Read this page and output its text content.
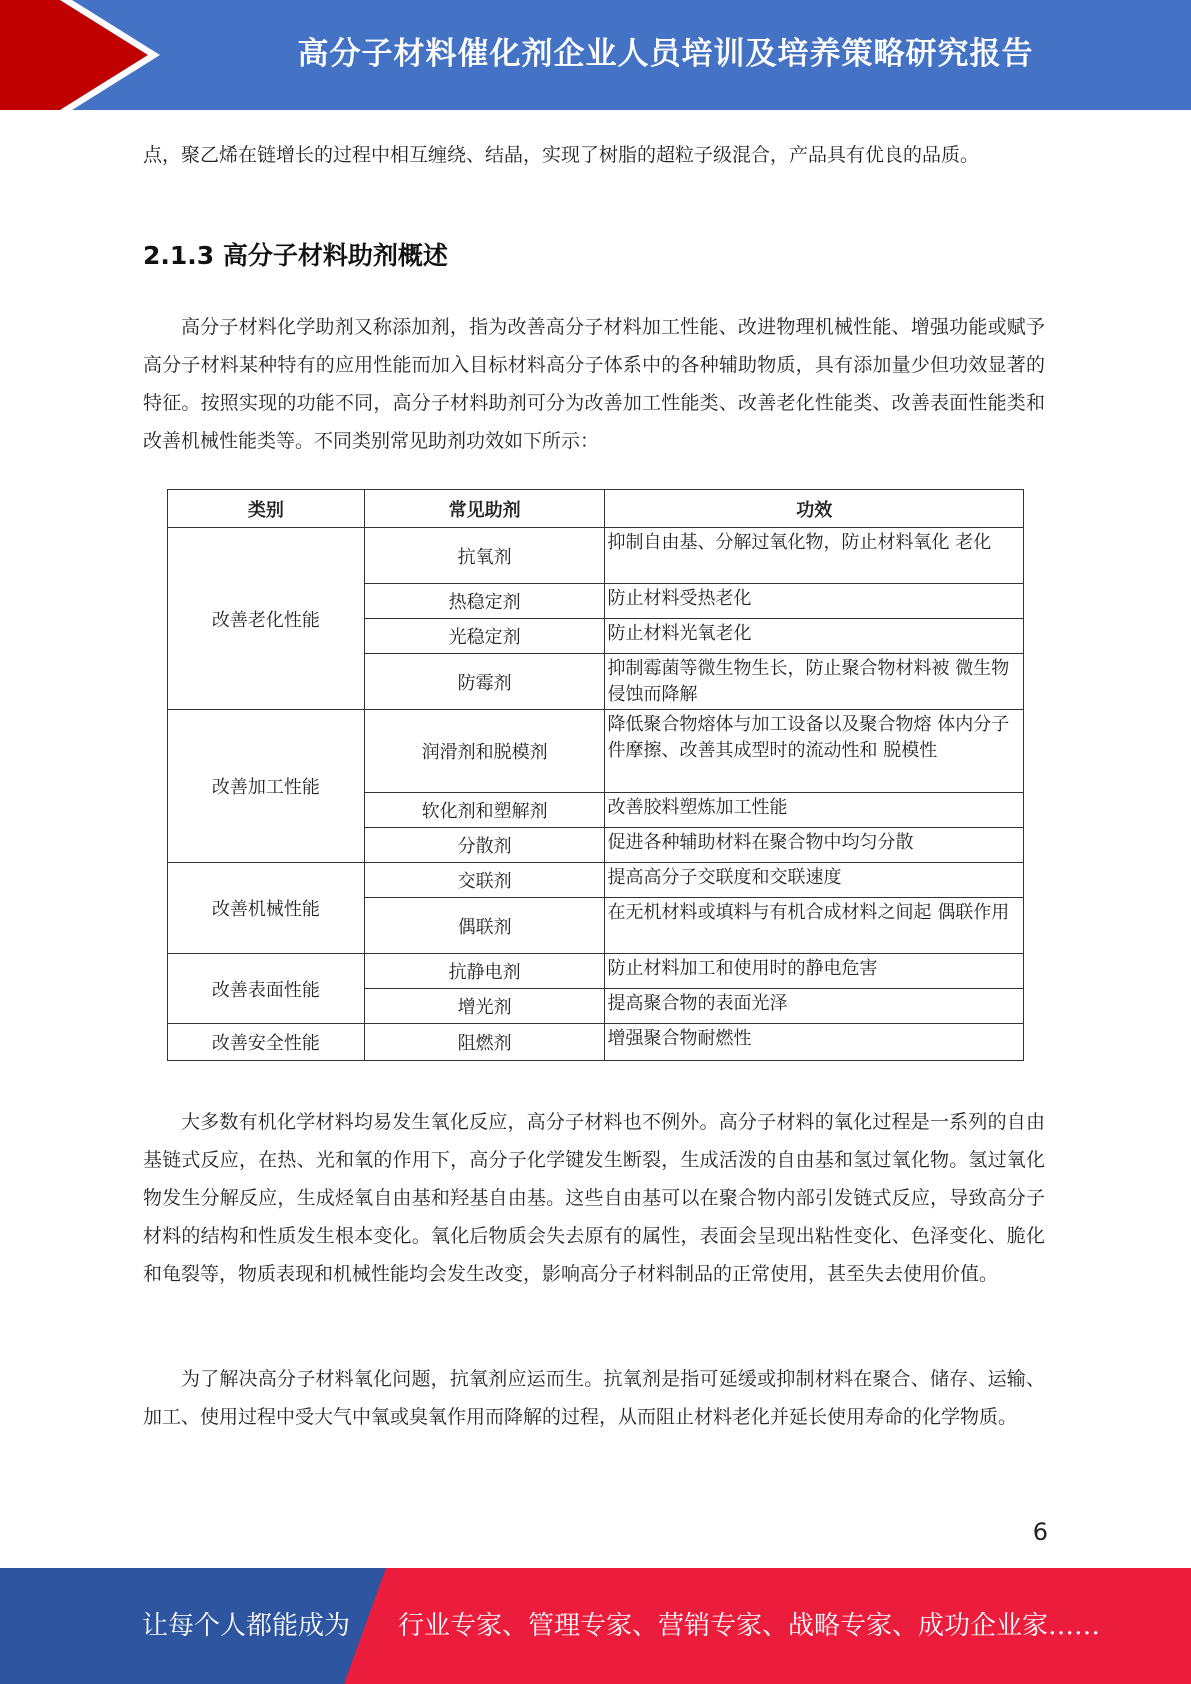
高分子材料催化剂企业人员培训及培养策略研究报告

点，聚乙烯在链增长的过程中相互缠绕、结晶，实现了树脂的超粒子级混合，产品具有优良的品质。

2.1.3 高分子材料助剂概述

高分子材料化学助剂又称添加剂，指为改善高分子材料加工性能、改进物理机械性能、增强功能或赋予高分子材料某种特有的应用性能而加入目标材料高分子体系中的各种辅助物质，具有添加量少但功效显著的特征。按照实现的功能不同，高分子材料助剂可分为改善加工性能类、改善老化性能类、改善表面性能类和改善机械性能类等。不同类别常见助剂功效如下所示：

类别	常见助剂	功效
改善老化性能	抗氧剂	抑制自由基、分解过氧化物，防止材料氧化 老化
	热稳定剂	防止材料受热老化
	光稳定剂	防止材料光氧老化
	防霉剂	抑制霉菌等微生物生长，防止聚合物材料被 微生物侵蚀而降解
改善加工性能	润滑剂和脱模剂	降低聚合物熔体与加工设备以及聚合物熔 体内分子件摩擦、改善其成型时的流动性和 脱模性
	软化剂和塑解剂	改善胶料塑炼加工性能
	分散剂	促进各种辅助材料在聚合物中均匀分散
改善机械性能	交联剂	提高高分子交联度和交联速度
	偶联剂	在无机材料或填料与有机合成材料之间起 偶联作用
改善表面性能	抗静电剂	防止材料加工和使用时的静电危害
	增光剂	提高聚合物的表面光泽
改善安全性能	阻燃剂	增强聚合物耐燃性

大多数有机化学材料均易发生氧化反应，高分子材料也不例外。高分子材料的氧化过程是一系列的自由基链式反应，在热、光和氧的作用下，高分子化学键发生断裂，生成活泼的自由基和氢过氧化物。氢过氧化物发生分解反应，生成烃氧自由基和羟基自由基。这些自由基可以在聚合物内部引发链式反应，导致高分子材料的结构和性质发生根本变化。氧化后物质会失去原有的属性，表面会呈现出粘性变化、色泽变化、脆化和龟裂等，物质表现和机械性能均会发生改变，影响高分子材料制品的正常使用，甚至失去使用价值。

为了解决高分子材料氧化问题，抗氧剂应运而生。抗氧剂是指可延缓或抑制材料在聚合、储存、运输、加工、使用过程中受大气中氧或臭氧作用而降解的过程，从而阻止材料老化并延长使用寿命的化学物质。

6
让每个人都能成为 行业专家、管理专家、营销专家、战略专家、成功企业家……
